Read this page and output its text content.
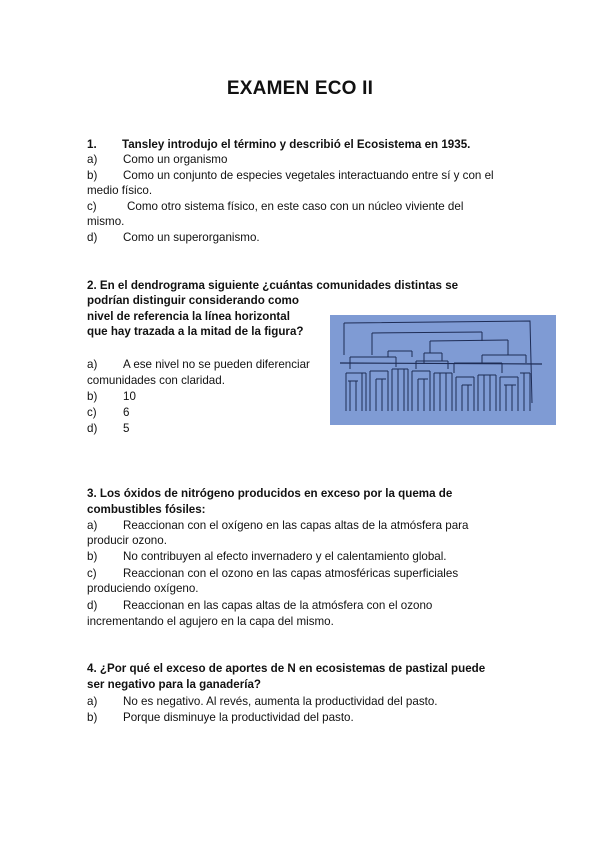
EXAMEN ECO II
1. Tansley introdujo el término y describió el Ecosistema en 1935.
a) Como un organismo
b) Como un conjunto de especies vegetales interactuando entre sí y con el
medio físico.
c)	Como otro sistema físico, en este caso con un núcleo viviente del
mismo.
d) Como un superorganismo.
2. En el dendrograma siguiente ¿cuántas comunidades distintas se
podrían distinguir considerando como
nivel de referencia la línea horizontal
que hay trazada a la mitad de la figura?
a) A ese nivel no se pueden diferenciar
comunidades con claridad.
b) 10
c) 6
d) 5
3. Los óxidos de nitrógeno producidos en exceso por la quema de
combustibles fósiles:
a) Reaccionan con el oxígeno en las capas altas de la atmósfera para
producir ozono.
b) No contribuyen al efecto invernadero y el calentamiento global.
c) Reaccionan con el ozono en las capas atmosféricas superficiales
produciendo oxígeno.
d) Reaccionan en las capas altas de la atmósfera con el ozono
incrementando el agujero en la capa del mismo.
4. ¿Por qué el exceso de aportes de N en ecosistemas de pastizal puede
ser negativo para la ganadería?
a) No es negativo. Al revés, aumenta la productividad del pasto.
b) Porque disminuye la productividad del pasto.
